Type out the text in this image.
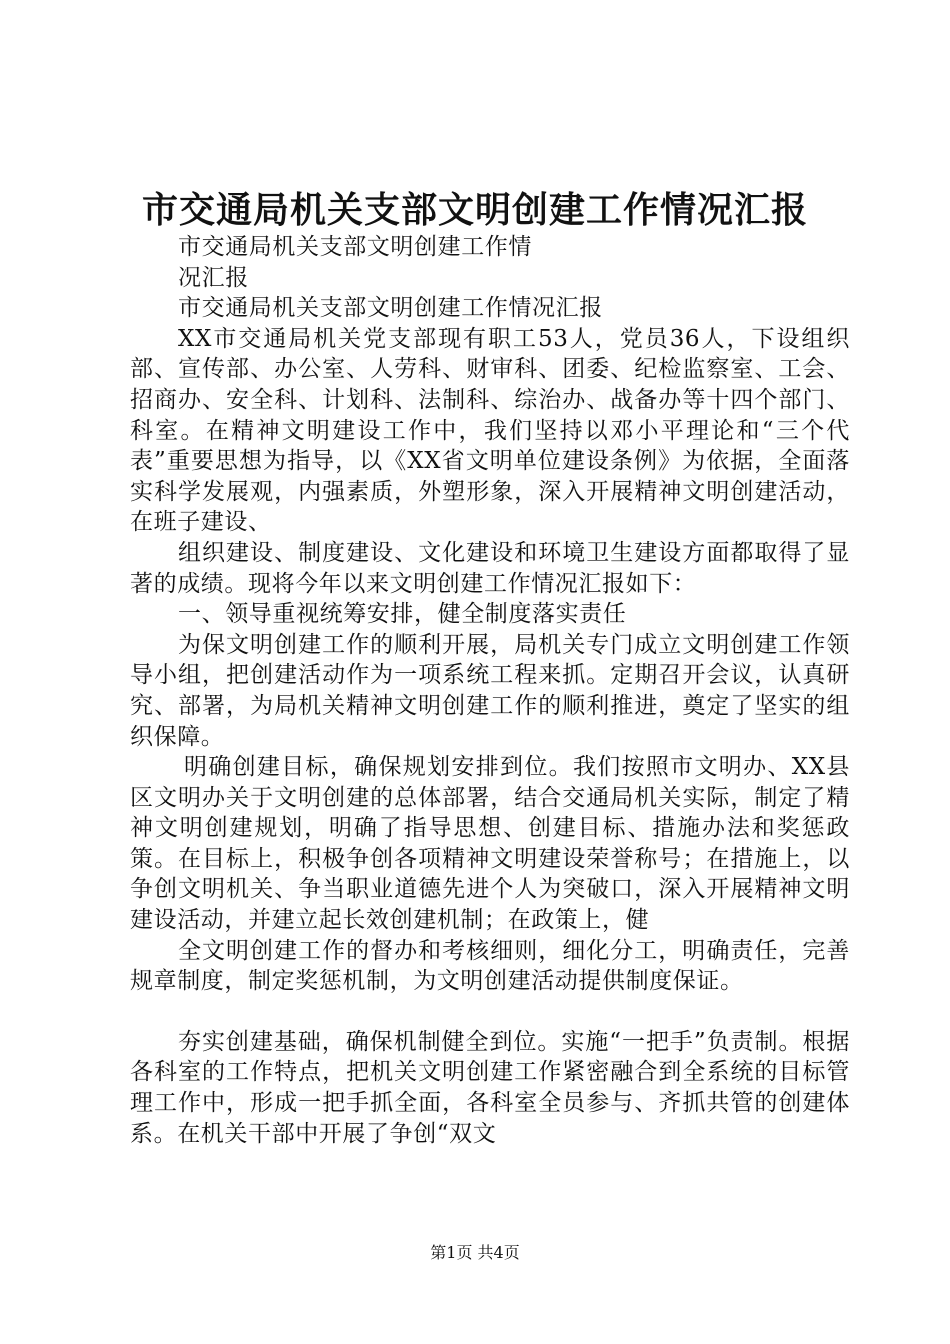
市交通局机关支部文明创建工作情况汇报

市交通局机关支部文明创建工作情

况汇报

市交通局机关支部文明创建工作情况汇报

XX市交通局机关党支部现有职工53人，党员36人，下设组织部、宣传部、办公室、人劳科、财审科、团委、纪检监察室、工会、招商办、安全科、计划科、法制科、综治办、战备办等十四个部门、科室。在精神文明建设工作中，我们坚持以邓小平理论和“三个代表”重要思想为指导，以《XX省文明单位建设条例》为依据，全面落实科学发展观，内强素质，外塑形象，深入开展精神文明创建活动，在班子建设、

组织建设、制度建设、文化建设和环境卫生建设方面都取得了显著的成绩。现将今年以来文明创建工作情况汇报如下：

一、领导重视统筹安排，健全制度落实责任

为保文明创建工作的顺利开展，局机关专门成立文明创建工作领导小组，把创建活动作为一项系统工程来抓。定期召开会议，认真研究、部署，为局机关精神文明创建工作的顺利推进，奠定了坚实的组织保障。

明确创建目标，确保规划安排到位。我们按照市文明办、XX县区文明办关于文明创建的总体部署，结合交通局机关实际，制定了精神文明创建规划，明确了指导思想、创建目标、措施办法和奖惩政策。在目标上，积极争创各项精神文明建设荣誉称号；在措施上，以争创文明机关、争当职业道德先进个人为突破口，深入开展精神文明建设活动，并建立起长效创建机制；在政策上，健

全文明创建工作的督办和考核细则，细化分工，明确责任，完善规章制度，制定奖惩机制，为文明创建活动提供制度保证。

夯实创建基础，确保机制健全到位。实施“一把手”负责制。根据各科室的工作特点，把机关文明创建工作紧密融合到全系统的目标管理工作中，形成一把手抓全面，各科室全员参与、齐抓共管的创建体系。在机关干部中开展了争创“双文

第1页 共4页
